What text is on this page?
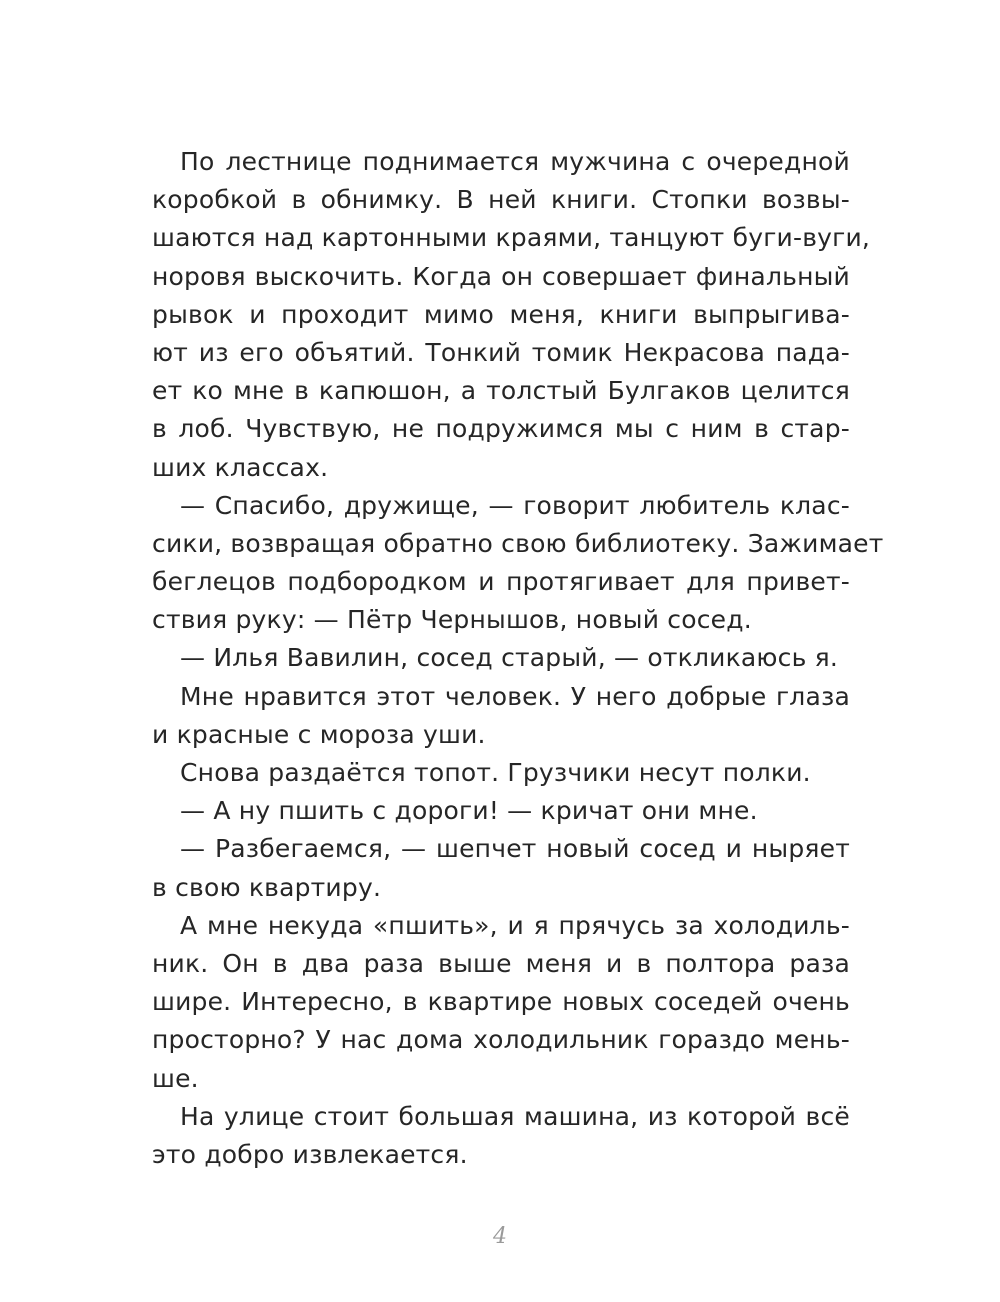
По лестнице поднимается мужчина с очередной
коробкой в обнимку. В ней книги. Стопки возвы-
шаются над картонными краями, танцуют буги-вуги,
норовя выскочить. Когда он совершает финальный
рывок и проходит мимо меня, книги выпрыгива-
ют из его объятий. Тонкий томик Некрасова пада-
ет ко мне в капюшон, а толстый Булгаков целится
в лоб. Чувствую, не подружимся мы с ним в стар-
ших классах.
— Спасибо, дружище, — говорит любитель клас-
сики, возвращая обратно свою библиотеку. Зажимает
беглецов подбородком и протягивает для привет-
ствия руку: — Пётр Чернышов, новый сосед.
— Илья Вавилин, сосед старый, — откликаюсь я.
Мне нравится этот человек. У него добрые глаза
и красные с мороза уши.
Снова раздаётся топот. Грузчики несут полки.
— А ну пшить с дороги! — кричат они мне.
— Разбегаемся, — шепчет новый сосед и ныряет
в свою квартиру.
А мне некуда «пшить», и я прячусь за холодиль-
ник. Он в два раза выше меня и в полтора раза
шире. Интересно, в квартире новых соседей очень
просторно? У нас дома холодильник гораздо мень-
ше.
На улице стоит большая машина, из которой всё
это добро извлекается.
4
